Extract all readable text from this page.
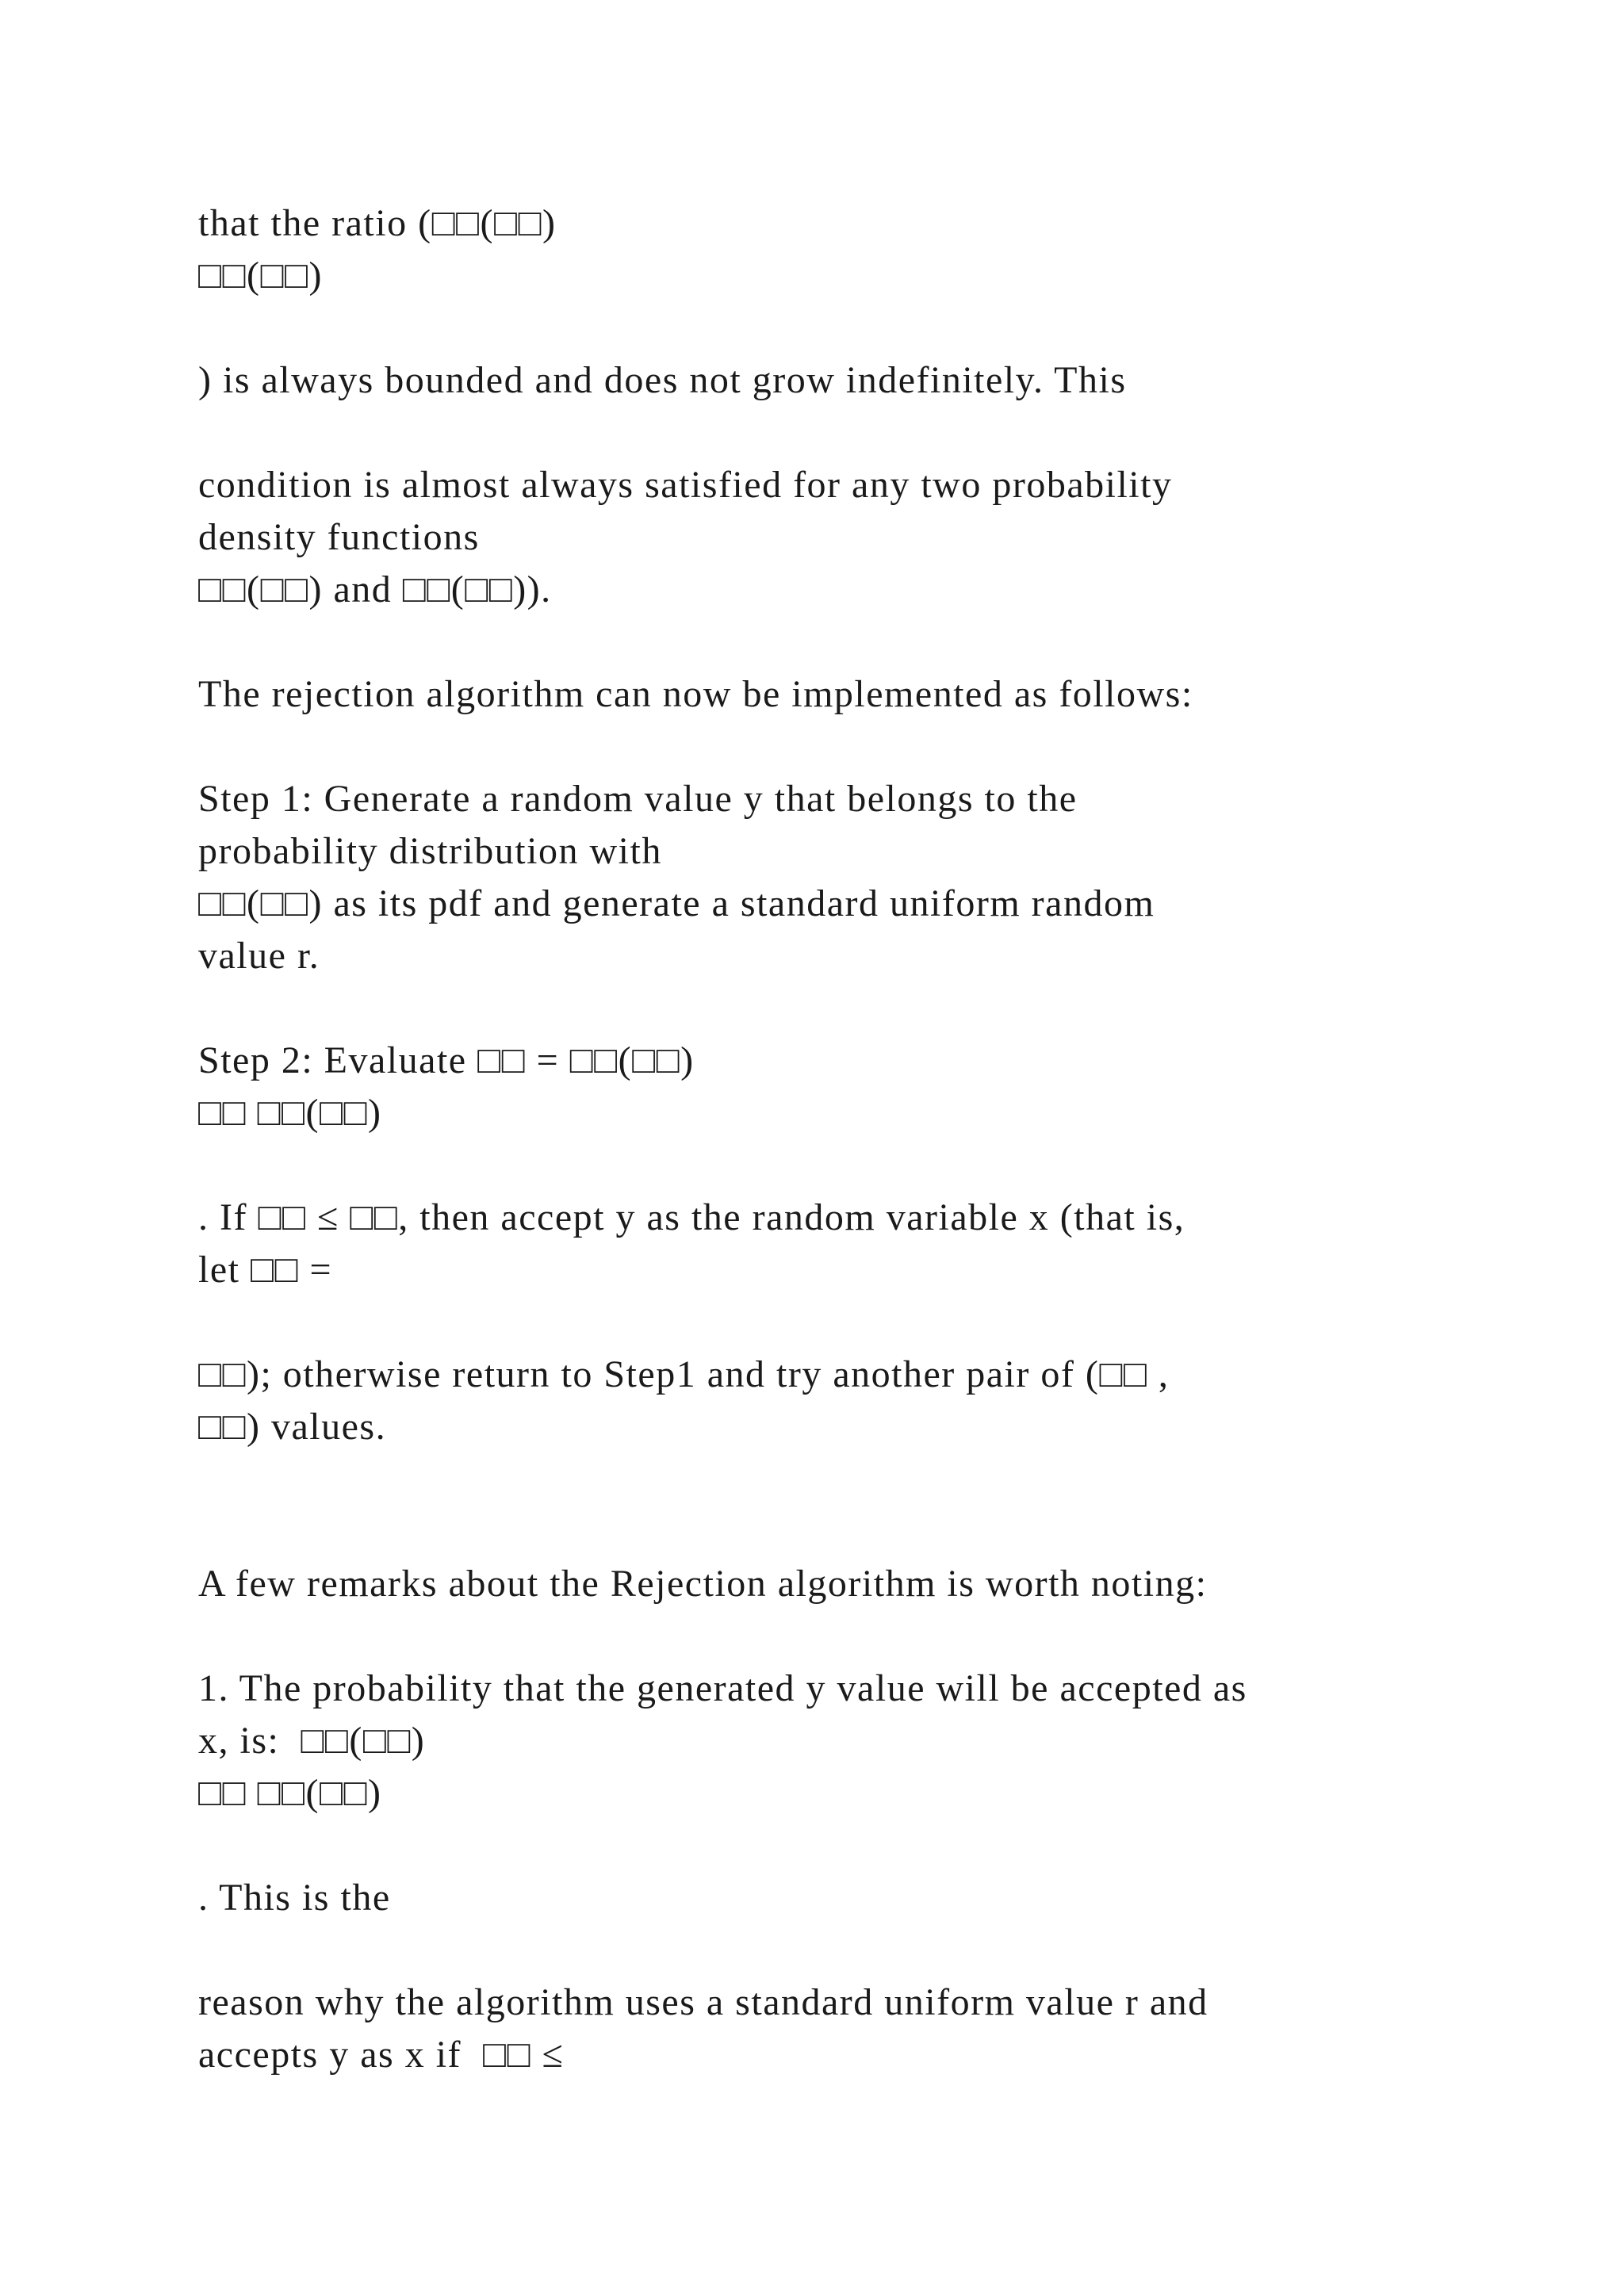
that the ratio (□□(□□)

□□(□□)

) is always bounded and does not grow indefinitely. This

condition is almost always satisfied for any two probability

density functions

□□(□□) and □□(□□)).

The rejection algorithm can now be implemented as follows:

Step 1: Generate a random value y that belongs to the

probability distribution with

□□(□□) as its pdf and generate a standard uniform random

value r.

Step 2: Evaluate □□ = □□(□□)

□□ □□(□□)

. If □□ ≤ □□, then accept y as the random variable x (that is,

let □□ =

□□); otherwise return to Step1 and try another pair of (□□ ,

□□) values.

A few remarks about the Rejection algorithm is worth noting:

1. The probability that the generated y value will be accepted as

x, is:  □□(□□)

□□ □□(□□)

. This is the

reason why the algorithm uses a standard uniform value r and

accepts y as x if  □□ ≤
